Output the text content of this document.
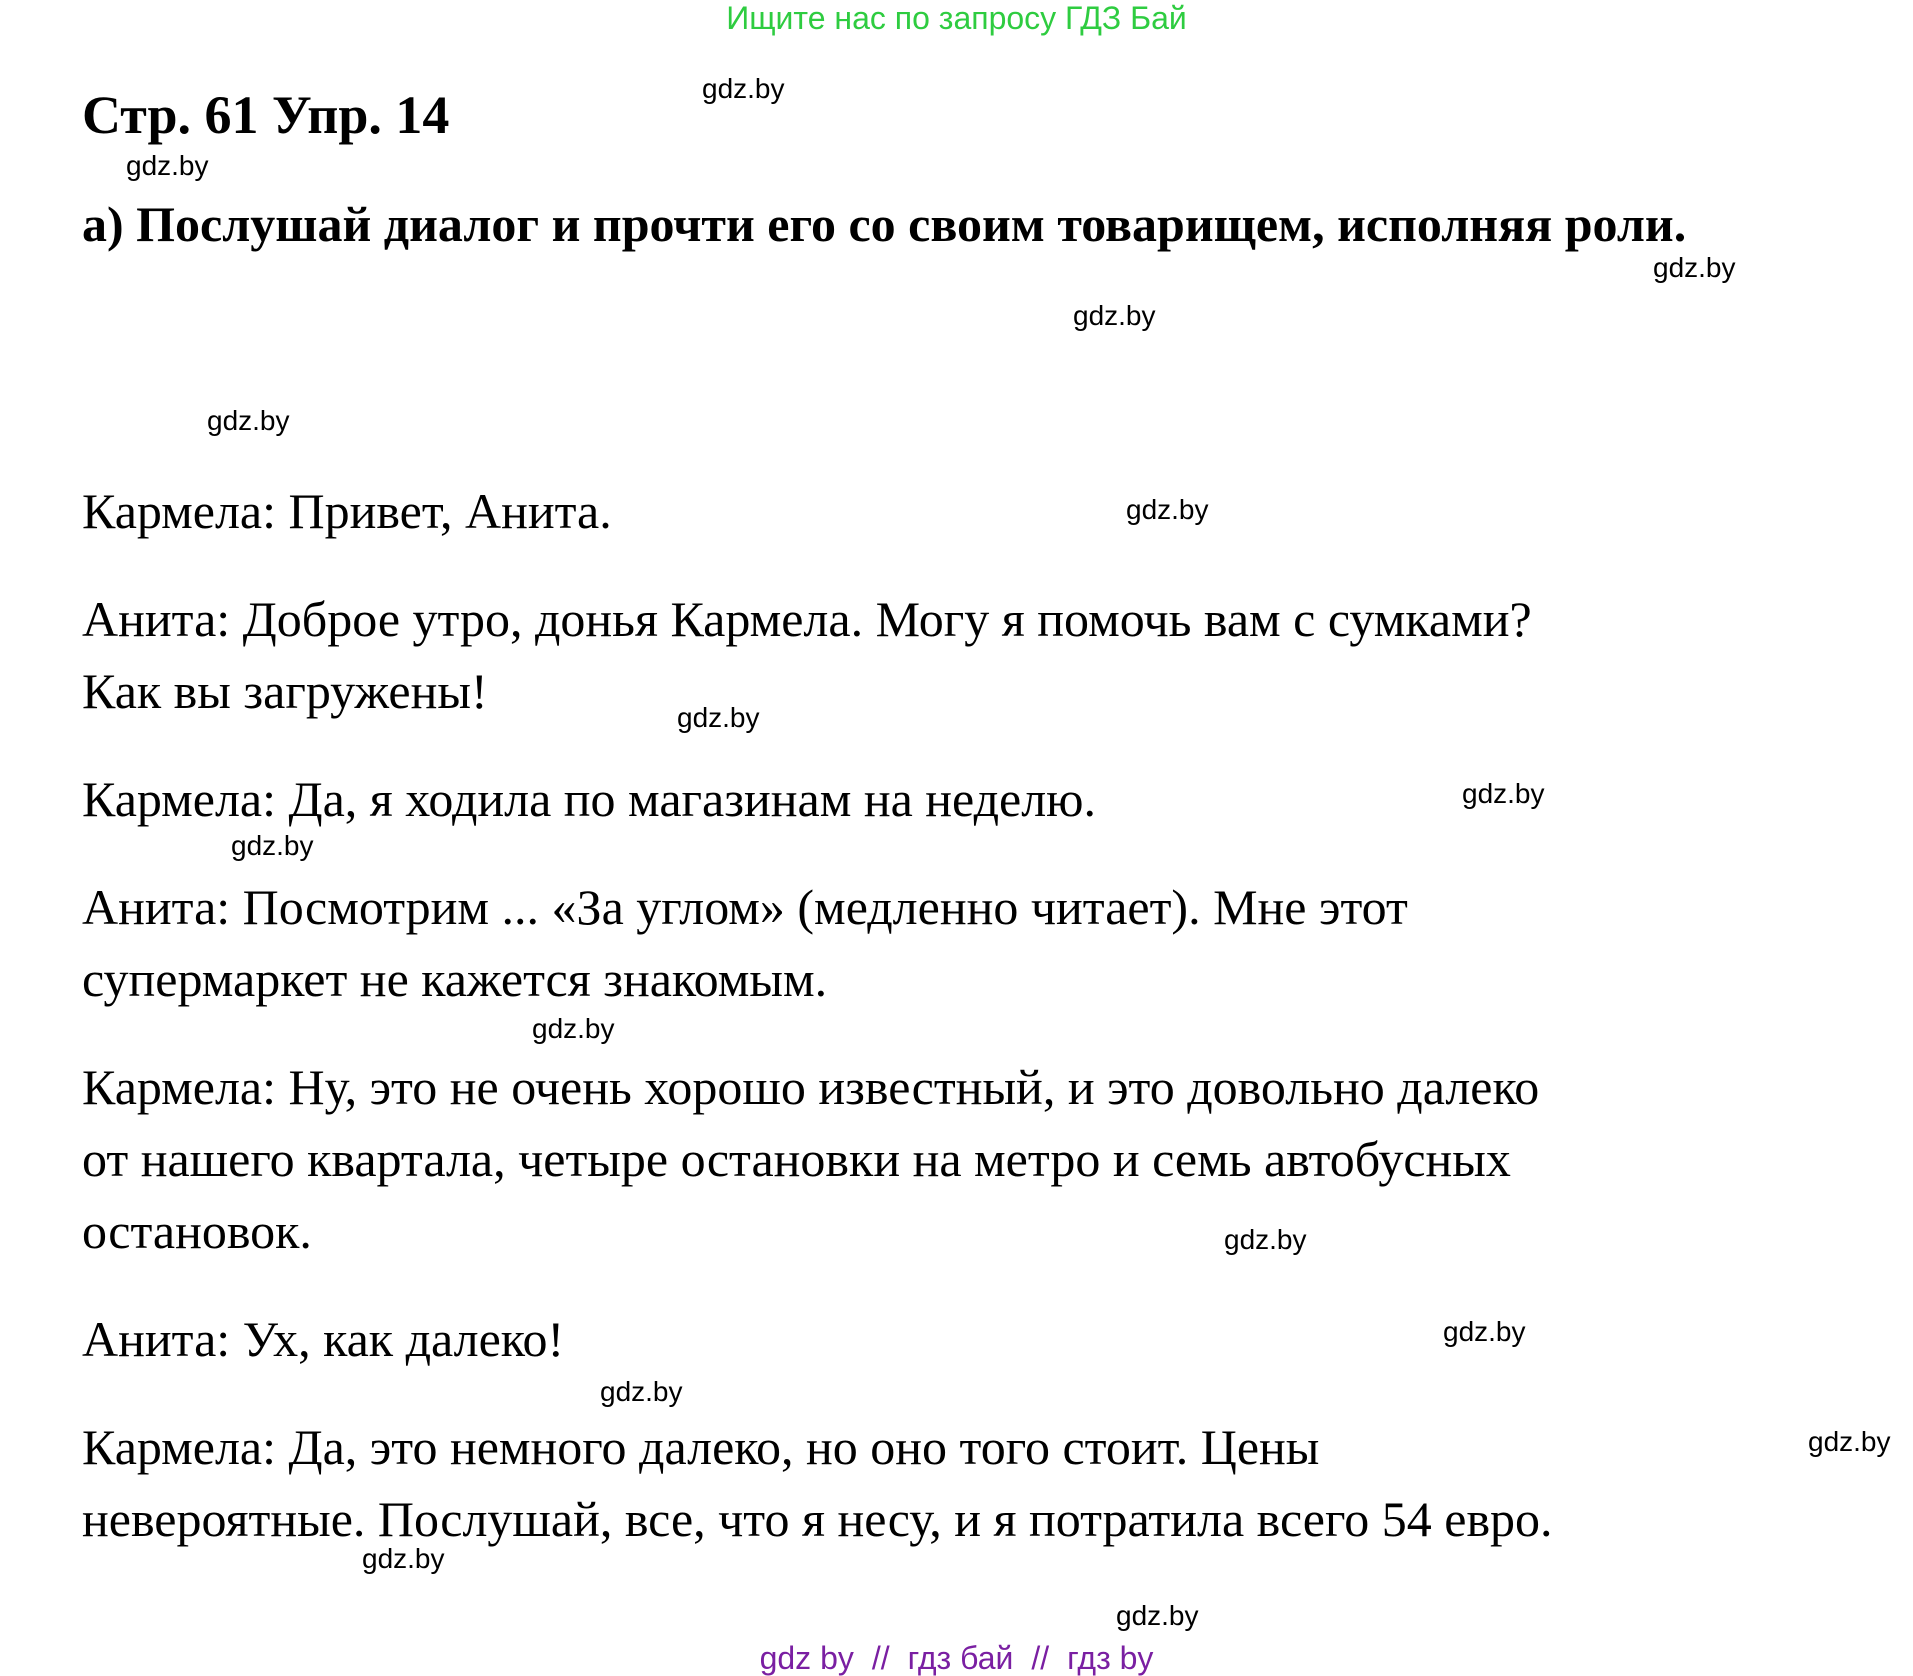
Ищите нас по запросу ГДЗ Бай
Стр. 61 Упр. 14

а) Послушай диалог и прочти его со своим товарищем, исполняя роли.

Кармела: Привет, Анита.

Анита: Доброе утро, донья Кармела. Могу я помочь вам с сумками?

Как вы загружены!

Кармела: Да, я ходила по магазинам на неделю.

Анита: Посмотрим ... «За углом» (медленно читает). Мне этот

супермаркет не кажется знакомым.

Кармела: Ну, это не очень хорошо известный, и это довольно далеко

от нашего квартала, четыре остановки на метро и семь автобусных

остановок.

Анита: Ух, как далеко!

Кармела: Да, это немного далеко, но оно того стоит. Цены

невероятные. Послушай, все, что я несу, и я потратила всего 54 евро.

gdz.by
gdz.by
gdz.by
gdz.by
gdz.by
gdz.by
gdz.by
gdz.by
gdz.by
gdz.by
gdz.by
gdz.by
gdz.by
gdz.by
gdz.by
gdz.by
gdz by // гдз бай // гдз by
